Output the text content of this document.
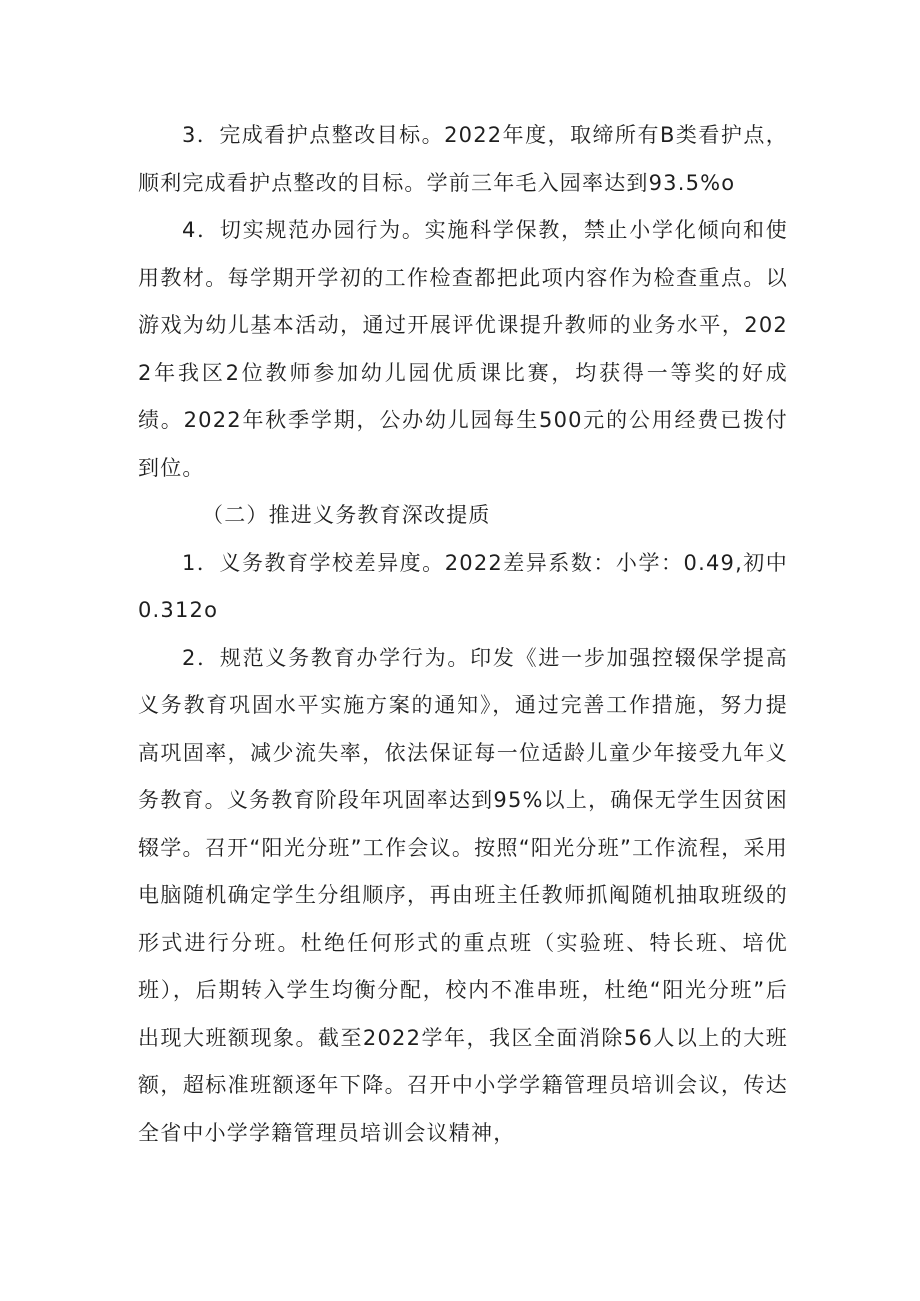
3．完成看护点整改目标。2022年度，取缔所有B类看护点，顺利完成看护点整改的目标。学前三年毛入园率达到93.5%o

4．切实规范办园行为。实施科学保教，禁止小学化倾向和使用教材。每学期开学初的工作检查都把此项内容作为检查重点。以游戏为幼儿基本活动，通过开展评优课提升教师的业务水平，2022年我区2位教师参加幼儿园优质课比赛，均获得一等奖的好成绩。2022年秋季学期，公办幼儿园每生500元的公用经费已拨付到位。

（二）推进义务教育深改提质

1．义务教育学校差异度。2022差异系数：小学：0.49,初中0.312o

2．规范义务教育办学行为。印发《进一步加强控辍保学提高义务教育巩固水平实施方案的通知》，通过完善工作措施，努力提高巩固率，减少流失率，依法保证每一位适龄儿童少年接受九年义务教育。义务教育阶段年巩固率达到95%以上，确保无学生因贫困辍学。召开“阳光分班”工作会议。按照“阳光分班”工作流程，采用电脑随机确定学生分组顺序，再由班主任教师抓阄随机抽取班级的形式进行分班。杜绝任何形式的重点班（实验班、特长班、培优班），后期转入学生均衡分配，校内不准串班，杜绝“阳光分班”后出现大班额现象。截至2022学年，我区全面消除56人以上的大班额，超标准班额逐年下降。召开中小学学籍管理员培训会议，传达全省中小学学籍管理员培训会议精神，
